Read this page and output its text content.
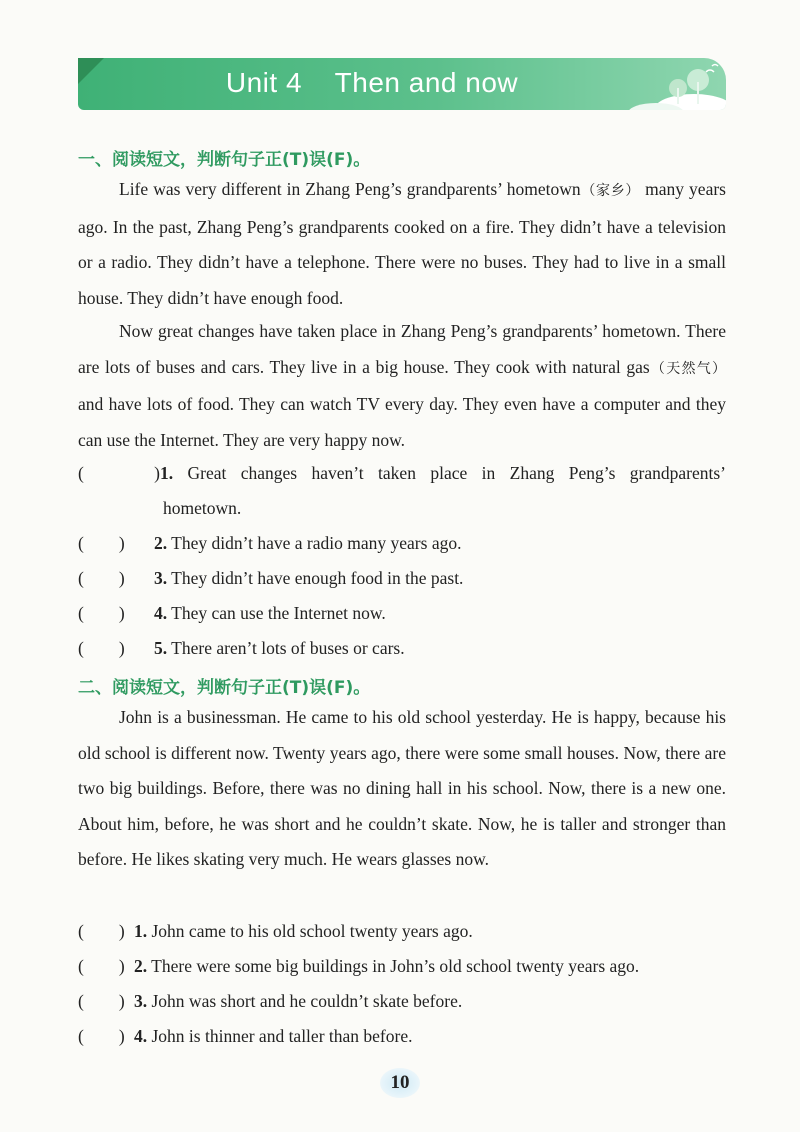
Unit 4    Then and now
一、阅读短文，判断句子正(T)误(F)。
Life was very different in Zhang Peng’s grandparents’ hometown（家乡） many years ago. In the past, Zhang Peng’s grandparents cooked on a fire. They didn’t have a television or a radio. They didn’t have a telephone. There were no buses. They had to live in a small house. They didn’t have enough food.
Now great changes have taken place in Zhang Peng’s grandparents’ hometown. There are lots of buses and cars. They live in a big house. They cook with natural gas（天然气） and have lots of food. They can watch TV every day. They even have a computer and they can use the Internet. They are very happy now.
(        )1. Great changes haven’t taken place in Zhang Peng’s grandparents’
hometown.
(        ) 2. They didn’t have a radio many years ago.
(        ) 3. They didn’t have enough food in the past.
(        ) 4. They can use the Internet now.
(        ) 5. There aren’t lots of buses or cars.
二、阅读短文，判断句子正(T)误(F)。
John is a businessman. He came to his old school yesterday. He is happy, because his old school is different now. Twenty years ago, there were some small houses. Now, there are two big buildings. Before, there was no dining hall in his school. Now, there is a new one. About him, before, he was short and he couldn’t skate. Now, he is taller and stronger than before. He likes skating very much. He wears glasses now.
(        ) 1. John came to his old school twenty years ago.
(        ) 2. There were some big buildings in John’s old school twenty years ago.
(        ) 3. John was short and he couldn’t skate before.
(        ) 4. John is thinner and taller than before.
10
